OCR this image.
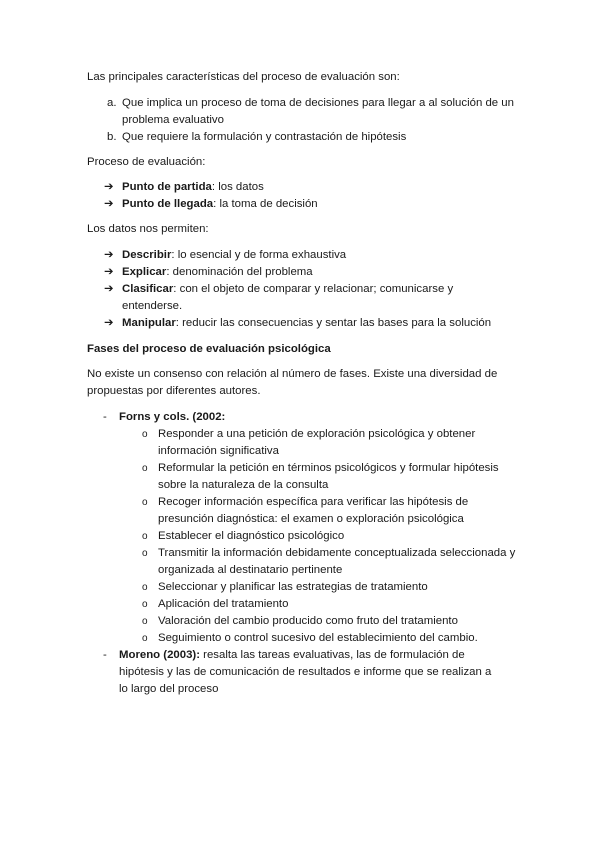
Las principales características del proceso de evaluación son:

a. Que implica un proceso de toma de decisiones para llegar a al solución de un problema evaluativo
b. Que requiere la formulación y contrastación de hipótesis

Proceso de evaluación:

➔ Punto de partida: los datos
➔ Punto de llegada: la toma de decisión

Los datos nos permiten:

➔ Describir: lo esencial y de forma exhaustiva
➔ Explicar: denominación del problema
➔ Clasificar: con el objeto de comparar y relacionar; comunicarse y entenderse.
➔ Manipular: reducir las consecuencias y sentar las bases para la solución

Fases del proceso de evaluación psicológica

No existe un consenso con relación al número de fases. Existe una diversidad de propuestas por diferentes autores.

- Forns y cols. (2002:
o Responder a una petición de exploración psicológica y obtener información significativa
o Reformular la petición en términos psicológicos y formular hipótesis sobre la naturaleza de la consulta
o Recoger información específica para verificar las hipótesis de presunción diagnóstica: el examen o exploración psicológica
o Establecer el diagnóstico psicológico
o Transmitir la información debidamente conceptualizada seleccionada y organizada al destinatario pertinente
o Seleccionar y planificar las estrategias de tratamiento
o Aplicación del tratamiento
o Valoración del cambio producido como fruto del tratamiento
o Seguimiento o control sucesivo del establecimiento del cambio.
- Moreno (2003): resalta las tareas evaluativas, las de formulación de hipótesis y las de comunicación de resultados e informe que se realizan a lo largo del proceso
